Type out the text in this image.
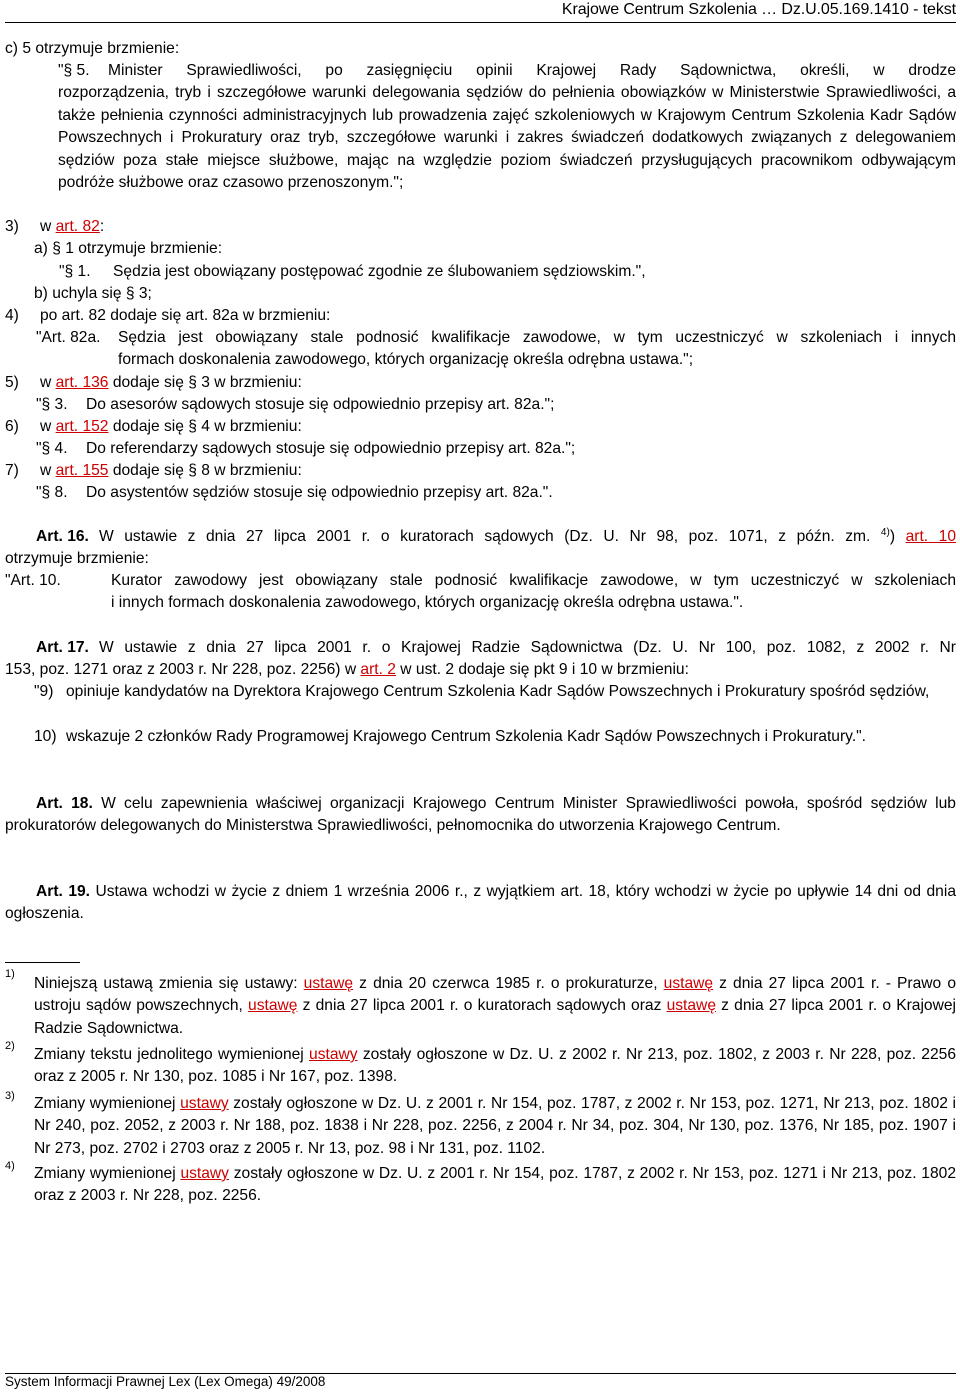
Krajowe Centrum Szkolenia … Dz.U.05.169.1410 - tekst
c) 5 otrzymuje brzmienie:
"§ 5.	Minister Sprawiedliwości, po zasięgnięciu opinii Krajowej Rady Sądownictwa, określi, w drodze
rozporządzenia, tryb i szczegółowe warunki delegowania sędziów do pełnienia obowiązków w Ministerstwie Sprawiedliwości, a także pełnienia czynności administracyjnych lub prowadzenia zajęć szkoleniowych w Krajowym Centrum Szkolenia Kadr Sądów Powszechnych i Prokuratury oraz tryb, szczegółowe warunki i zakres świadczeń dodatkowych związanych z delegowaniem sędziów poza stałe miejsce służbowe, mając na względzie poziom świadczeń przysługujących pracownikom odbywającym podróże służbowe oraz czasowo przenoszonym.";
3) w art. 82:
a) § 1 otrzymuje brzmienie:
"§ 1. Sędzia jest obowiązany postępować zgodnie ze ślubowaniem sędziowskim.",
b) uchyla się § 3;
4) po art. 82 dodaje się art. 82a w brzmieniu:
"Art. 82a.	Sędzia jest obowiązany stale podnosić kwalifikacje zawodowe, w tym uczestniczyć w szkoleniach i innych
formach doskonalenia zawodowego, których organizację określa odrębna ustawa.";
5) w art. 136 dodaje się § 3 w brzmieniu:
"§ 3. Do asesorów sądowych stosuje się odpowiednio przepisy art. 82a.";
6) w art. 152 dodaje się § 4 w brzmieniu:
"§ 4. Do referendarzy sądowych stosuje się odpowiednio przepisy art. 82a.";
7) w art. 155 dodaje się § 8 w brzmieniu:
"§ 8. Do asystentów sędziów stosuje się odpowiednio przepisy art. 82a.".
Art. 16. W ustawie z dnia 27 lipca 2001 r. o kuratorach sądowych (Dz. U. Nr 98, poz. 1071, z późn. zm. $^{4)}$) art. 10
otrzymuje brzmienie:
"Art. 10.	Kurator zawodowy jest obowiązany stale podnosić kwalifikacje zawodowe, w tym uczestniczyć w szkoleniach
i innych formach doskonalenia zawodowego, których organizację określa odrębna ustawa.".
Art. 17. W ustawie z dnia 27 lipca 2001 r. o Krajowej Radzie Sądownictwa (Dz. U. Nr 100, poz. 1082, z 2002 r. Nr
153, poz. 1271 oraz z 2003 r. Nr 228, poz. 2256) w art. 2 w ust. 2 dodaje się pkt 9 i 10 w brzmieniu:
"9) opiniuje kandydatów na Dyrektora Krajowego Centrum Szkolenia Kadr Sądów Powszechnych i Prokuratury spośród sędziów,
10) wskazuje 2 członków Rady Programowej Krajowego Centrum Szkolenia Kadr Sądów Powszechnych i Prokuratury.".
Art. 18. W celu zapewnienia właściwej organizacji Krajowego Centrum Minister Sprawiedliwości powoła, spośród sędziów lub prokuratorów delegowanych do Ministerstwa Sprawiedliwości, pełnomocnika do utworzenia Krajowego Centrum.
Art. 19. Ustawa wchodzi w życie z dniem 1 września 2006 r., z wyjątkiem art. 18, który wchodzi w życie po upływie 14 dni od dnia ogłoszenia.
1)
Niniejszą ustawą zmienia się ustawy: ustawę z dnia 20 czerwca 1985 r. o prokuraturze, ustawę z dnia 27 lipca 2001 r. - Prawo o ustroju sądów powszechnych, ustawę z dnia 27 lipca 2001 r. o kuratorach sądowych oraz ustawę z dnia 27 lipca 2001 r. o Krajowej Radzie Sądownictwa.
2) Zmiany tekstu jednolitego wymienionej ustawy zostały ogłoszone w Dz. U. z 2002 r. Nr 213, poz. 1802, z 2003 r. Nr 228, poz. 2256 oraz z 2005 r. Nr 130, poz. 1085 i Nr 167, poz. 1398.
3) Zmiany wymienionej ustawy zostały ogłoszone w Dz. U. z 2001 r. Nr 154, poz. 1787, z 2002 r. Nr 153, poz. 1271, Nr 213, poz. 1802 i Nr 240, poz. 2052, z 2003 r. Nr 188, poz. 1838 i Nr 228, poz. 2256, z 2004 r. Nr 34, poz. 304, Nr 130, poz. 1376, Nr 185, poz. 1907 i Nr 273, poz. 2702 i 2703 oraz z 2005 r. Nr 13, poz. 98 i Nr 131, poz. 1102.
4) Zmiany wymienionej ustawy zostały ogłoszone w Dz. U. z 2001 r. Nr 154, poz. 1787, z 2002 r. Nr 153, poz. 1271 i Nr 213, poz. 1802 oraz z 2003 r. Nr 228, poz. 2256.
System Informacji Prawnej Lex (Lex Omega) 49/2008
